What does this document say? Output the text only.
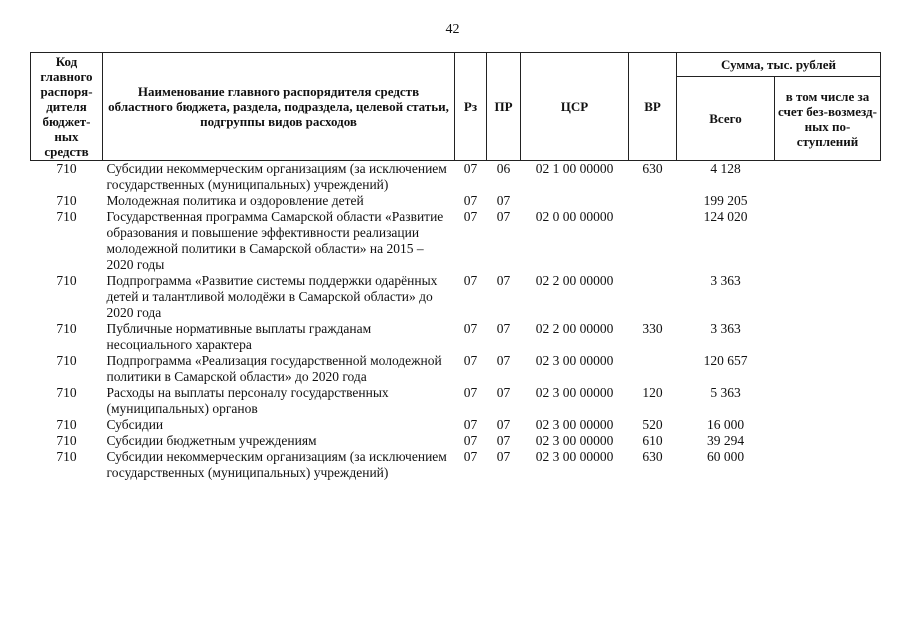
42
Код главного распоря-дителя бюджет-ных средств	Наименование главного распорядителя средств областного бюджета, раздела, подраздела, целевой статьи, подгруппы видов расходов	Рз	ПР	ЦСР	ВР	Сумма, тыс. рублей	
						Всего	в том числе за счет без-возмезд-ных по-ступлений
710	Субсидии некоммерческим организациям (за исключением государственных (муниципальных) учреждений)	07	06	02 1 00 00000	630	4 128	
710	Молодежная политика и оздоровление детей	07	07			199 205	
710	Государственная программа Самарской области «Развитие образования и повышение эффективности реализации молодежной политики в Самарской области» на 2015 – 2020 годы	07	07	02 0 00 00000		124 020	
710	Подпрограмма «Развитие системы поддержки одарённых детей и талантливой молодёжи в Самарской области» до 2020 года	07	07	02 2 00 00000		3 363	
710	Публичные нормативные выплаты гражданам несоциального характера	07	07	02 2 00 00000	330	3 363	
710	Подпрограмма «Реализация государственной молодежной политики в Самарской области» до 2020 года	07	07	02 3 00 00000		120 657	
710	Расходы на выплаты персоналу государственных (муниципальных) органов	07	07	02 3 00 00000	120	5 363	
710	Субсидии	07	07	02 3 00 00000	520	16 000	
710	Субсидии бюджетным учреждениям	07	07	02 3 00 00000	610	39 294	
710	Субсидии некоммерческим организациям (за исключением государственных (муниципальных) учреждений)	07	07	02 3 00 00000	630	60 000	
